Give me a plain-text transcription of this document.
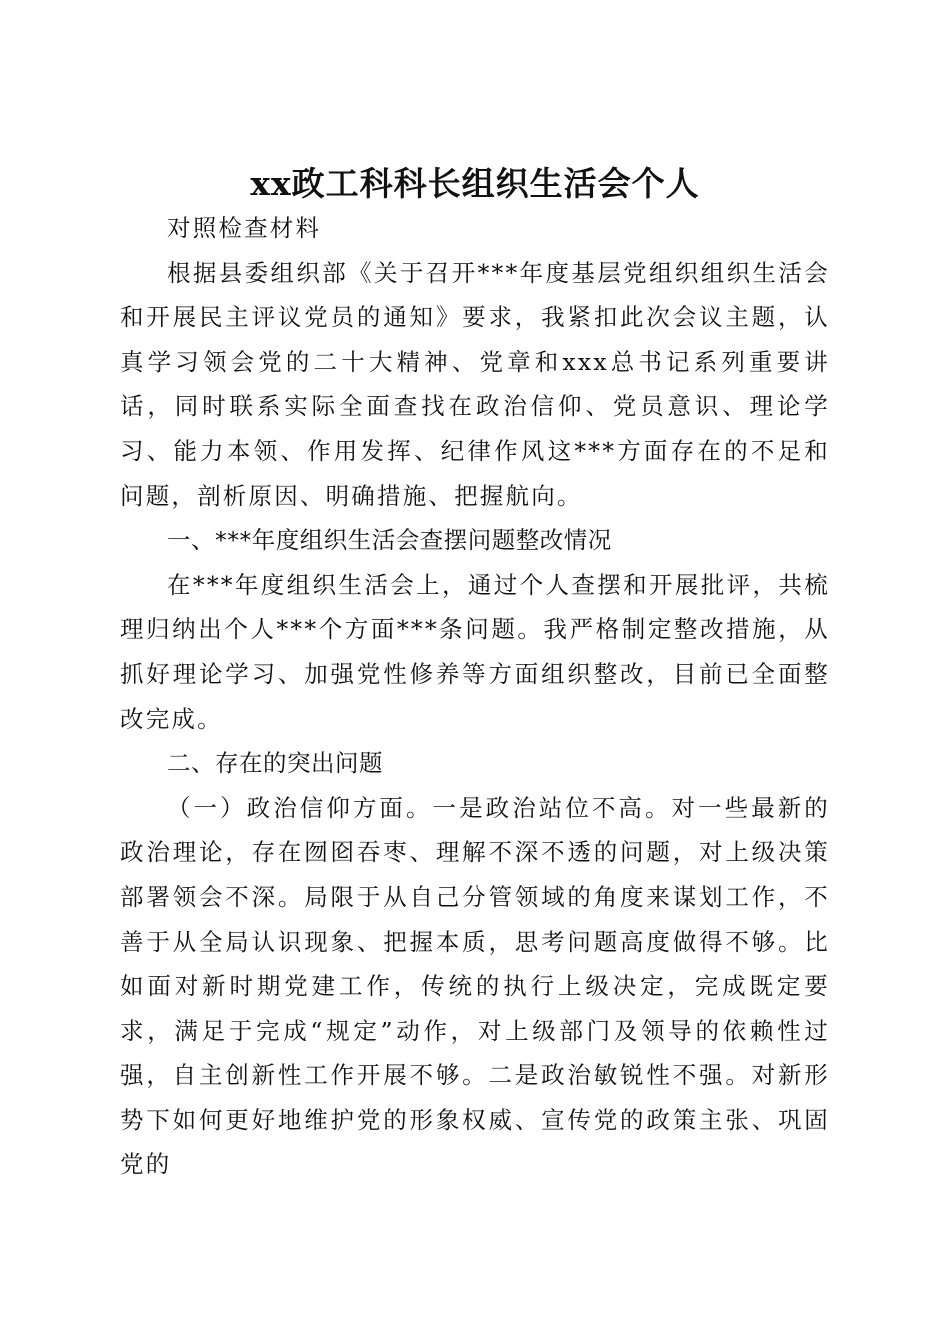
xx政工科科长组织生活会个人

对照检查材料

根据县委组织部《关于召开***年度基层党组织组织生活会和开展民主评议党员的通知》要求，我紧扣此次会议主题，认真学习领会党的二十大精神、党章和xxx总书记系列重要讲话，同时联系实际全面查找在政治信仰、党员意识、理论学习、能力本领、作用发挥、纪律作风这***方面存在的不足和问题，剖析原因、明确措施、把握航向。

一、***年度组织生活会查摆问题整改情况

在***年度组织生活会上，通过个人查摆和开展批评，共梳理归纳出个人***个方面***条问题。我严格制定整改措施，从抓好理论学习、加强党性修养等方面组织整改，目前已全面整改完成。

二、存在的突出问题

（一）政治信仰方面。一是政治站位不高。对一些最新的政治理论，存在囫囵吞枣、理解不深不透的问题，对上级决策部署领会不深。局限于从自己分管领域的角度来谋划工作，不善于从全局认识现象、把握本质，思考问题高度做得不够。比如面对新时期党建工作，传统的执行上级决定，完成既定要求，满足于完成“规定”动作，对上级部门及领导的依赖性过强，自主创新性工作开展不够。二是政治敏锐性不强。对新形势下如何更好地维护党的形象权威、宣传党的政策主张、巩固党的
